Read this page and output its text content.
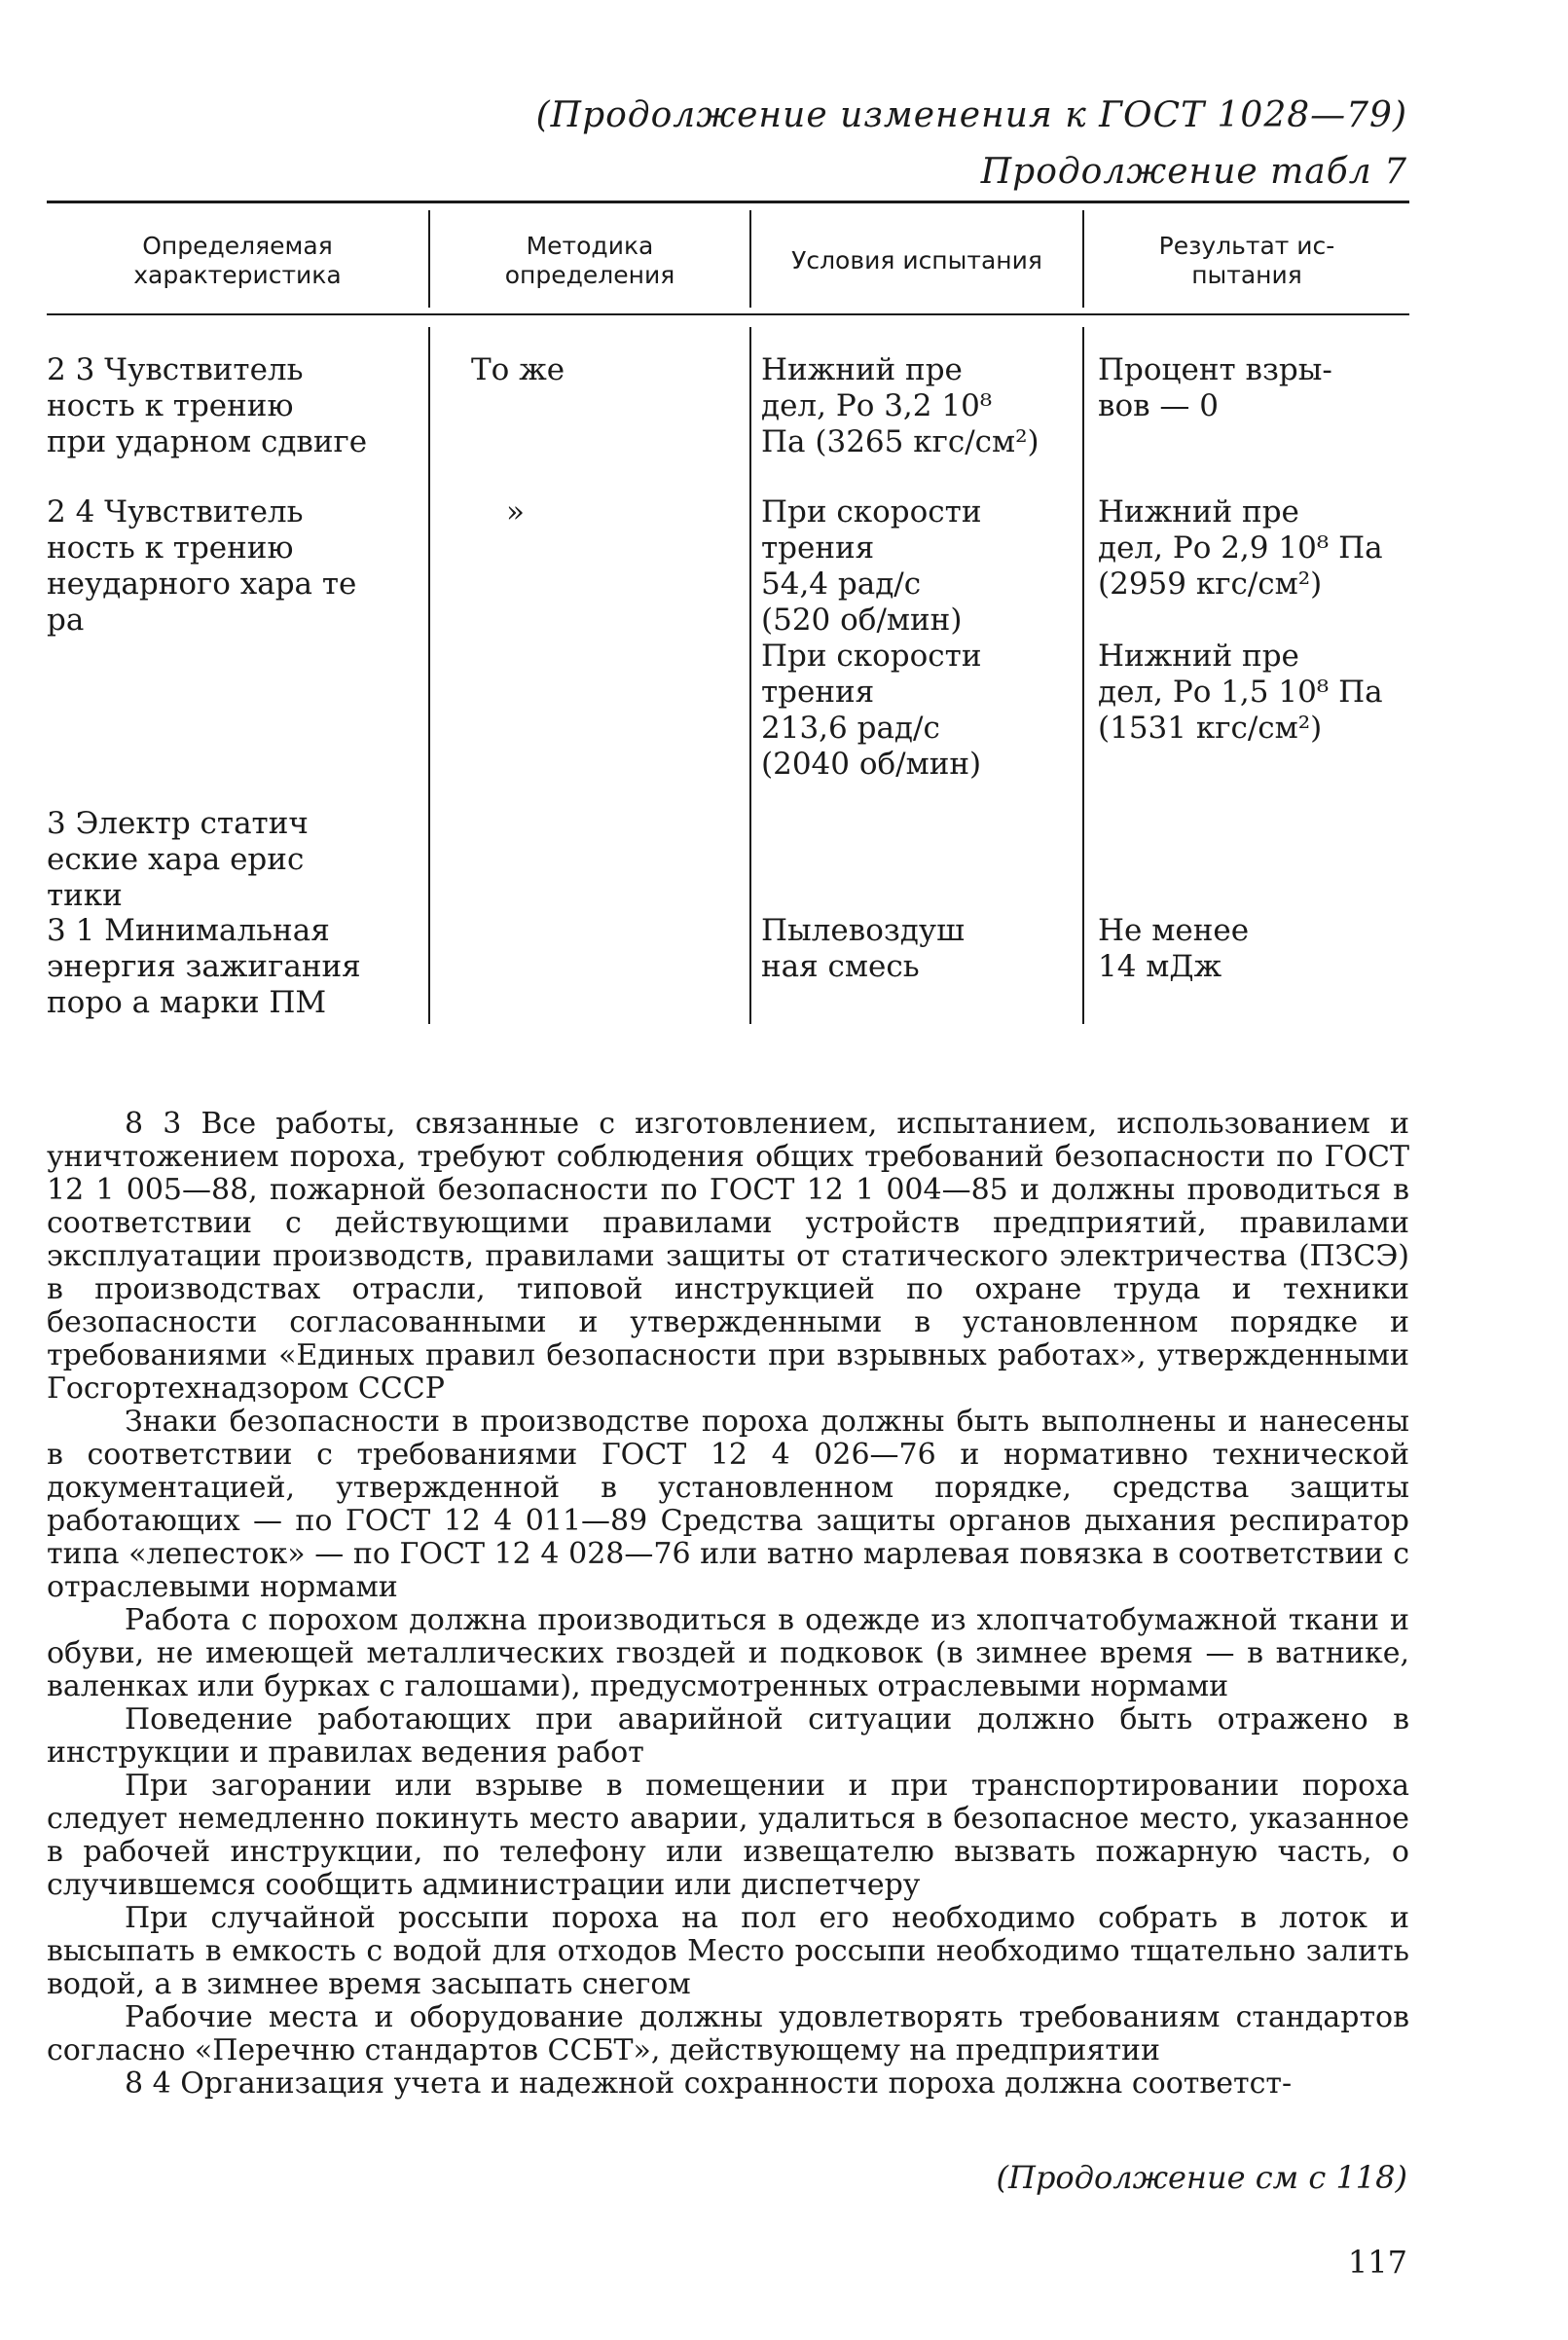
(Продолжение изменения к ГОСТ 1028—79)
Продолжение табл 7
Определяемая
характеристика
Методика
определения
Условия испытания
Результат ис-
пытания
2 3 Чувствитель
ность к трению
при ударном сдвиге
То же	Нижний пре
дел, Ро 3,2 10⁸
Па (3265 кгс/см²)
Процент взры-
вов — 0
2 4 Чувствитель
ность к трению
неударного хара те
ра
»	При скорости
трения
54,4 рад/с
(520 об/мин)
При скорости
трения
213,6 рад/с
(2040 об/мин)
Нижний пре
дел, Ро 2,9 10⁸ Па
(2959 кгс/см²)

Нижний пре
дел, Ро 1,5 10⁸ Па
(1531 кгс/см²)
3 Электр статич
еские хара ерис
тики
3 1 Минимальная
энергия зажигания
поро а марки ПМ
Пылевоздуш
ная смесь
Не менее
14 мДж

8 3 Все работы, связанные с изготовлением, испытанием, использованием и уничтожением пороха, требуют соблюдения общих требований безопасности по ГОСТ 12 1 005—88, пожарной безопасности по ГОСТ 12 1 004—85 и должны проводиться в соответствии с действующими правилами устройств предприятий, правилами эксплуатации производств, правилами защиты от статического электричества (ПЗСЭ) в производствах отрасли, типовой инструкцией по охране труда и техники безопасности согласованными и утвержденными в установленном порядке и требованиями «Единых правил безопасности при взрывных работах», утвержденными Госгортехнадзором СССР

Знаки безопасности в производстве пороха должны быть выполнены и нанесены в соответствии с требованиями ГОСТ 12 4 026—76 и нормативно технической документацией, утвержденной в установленном порядке, средства защиты работающих — по ГОСТ 12 4 011—89 Средства защиты органов дыхания респиратор типа «лепесток» — по ГОСТ 12 4 028—76 или ватно марлевая повязка в соответствии с отраслевыми нормами

Работа с порохом должна производиться в одежде из хлопчатобумажной ткани и обуви, не имеющей металлических гвоздей и подковок (в зимнее время — в ватнике, валенках или бурках с галошами), предусмотренных отраслевыми нормами

Поведение работающих при аварийной ситуации должно быть отражено в инструкции и правилах ведения работ

При загорании или взрыве в помещении и при транспортировании пороха следует немедленно покинуть место аварии, удалиться в безопасное место, указанное в рабочей инструкции, по телефону или извещателю вызвать пожарную часть, о случившемся сообщить администрации или диспетчеру

При случайной россыпи пороха на пол его необходимо собрать в лоток и высыпать в емкость с водой для отходов Место россыпи необходимо тщательно залить водой, а в зимнее время засыпать снегом

Рабочие места и оборудование должны удовлетворять требованиям стандартов согласно «Перечню стандартов ССБТ», действующему на предприятии

8 4 Организация учета и надежной сохранности пороха должна соответст-

(Продолжение см с 118)
117
